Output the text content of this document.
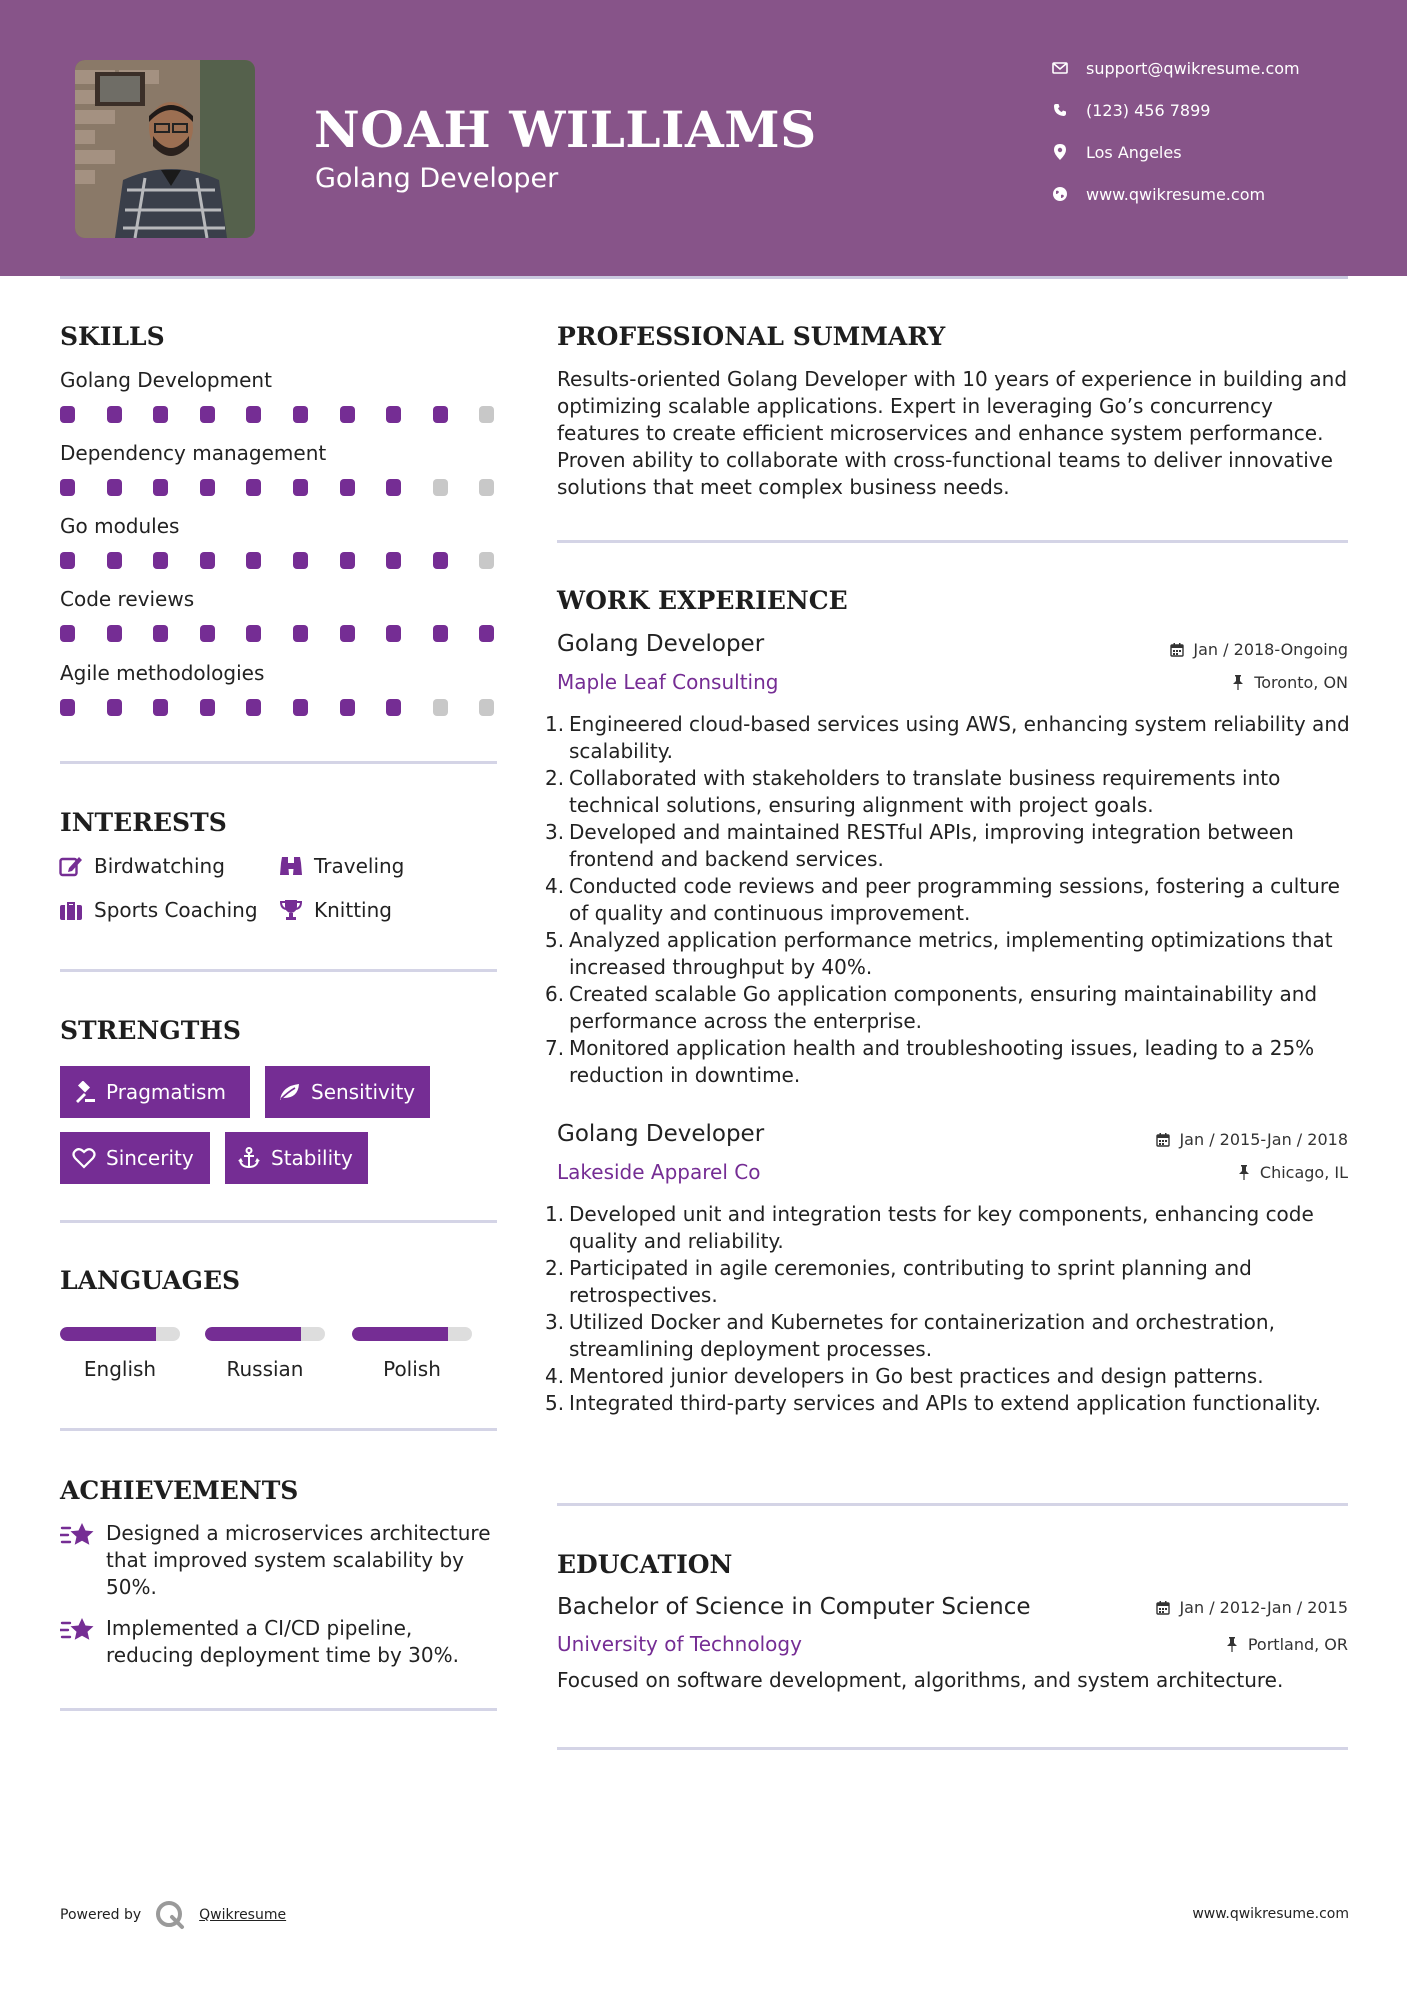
NOAH WILLIAMS
Golang Developer
support@qwikresume.com
(123) 456 7899
Los Angeles
www.qwikresume.com
SKILLS
Golang Development
Dependency management
Go modules
Code reviews
Agile methodologies
INTERESTS
Birdwatching	Traveling
Sports Coaching	Knitting
STRENGTHS
Pragmatism	Sensitivity
Sincerity	Stability
LANGUAGES
English	Russian	Polish
ACHIEVEMENTS
Designed a microservices architecture that improved system scalability by 50%.
Implemented a CI/CD pipeline, reducing deployment time by 30%.
PROFESSIONAL SUMMARY
Results-oriented Golang Developer with 10 years of experience in building and optimizing scalable applications. Expert in leveraging Go’s concurrency features to create efficient microservices and enhance system performance. Proven ability to collaborate with cross-functional teams to deliver innovative solutions that meet complex business needs.
WORK EXPERIENCE
Golang Developer	Jan / 2018-Ongoing
Maple Leaf Consulting	Toronto, ON
1. Engineered cloud-based services using AWS, enhancing system reliability and scalability.
2. Collaborated with stakeholders to translate business requirements into technical solutions, ensuring alignment with project goals.
3. Developed and maintained RESTful APIs, improving integration between frontend and backend services.
4. Conducted code reviews and peer programming sessions, fostering a culture of quality and continuous improvement.
5. Analyzed application performance metrics, implementing optimizations that increased throughput by 40%.
6. Created scalable Go application components, ensuring maintainability and performance across the enterprise.
7. Monitored application health and troubleshooting issues, leading to a 25% reduction in downtime.
Golang Developer	Jan / 2015-Jan / 2018
Lakeside Apparel Co	Chicago, IL
1. Developed unit and integration tests for key components, enhancing code quality and reliability.
2. Participated in agile ceremonies, contributing to sprint planning and retrospectives.
3. Utilized Docker and Kubernetes for containerization and orchestration, streamlining deployment processes.
4. Mentored junior developers in Go best practices and design patterns.
5. Integrated third-party services and APIs to extend application functionality.
EDUCATION
Bachelor of Science in Computer Science	Jan / 2012-Jan / 2015
University of Technology	Portland, OR
Focused on software development, algorithms, and system architecture.
Powered by	Qwikresume	www.qwikresume.com
